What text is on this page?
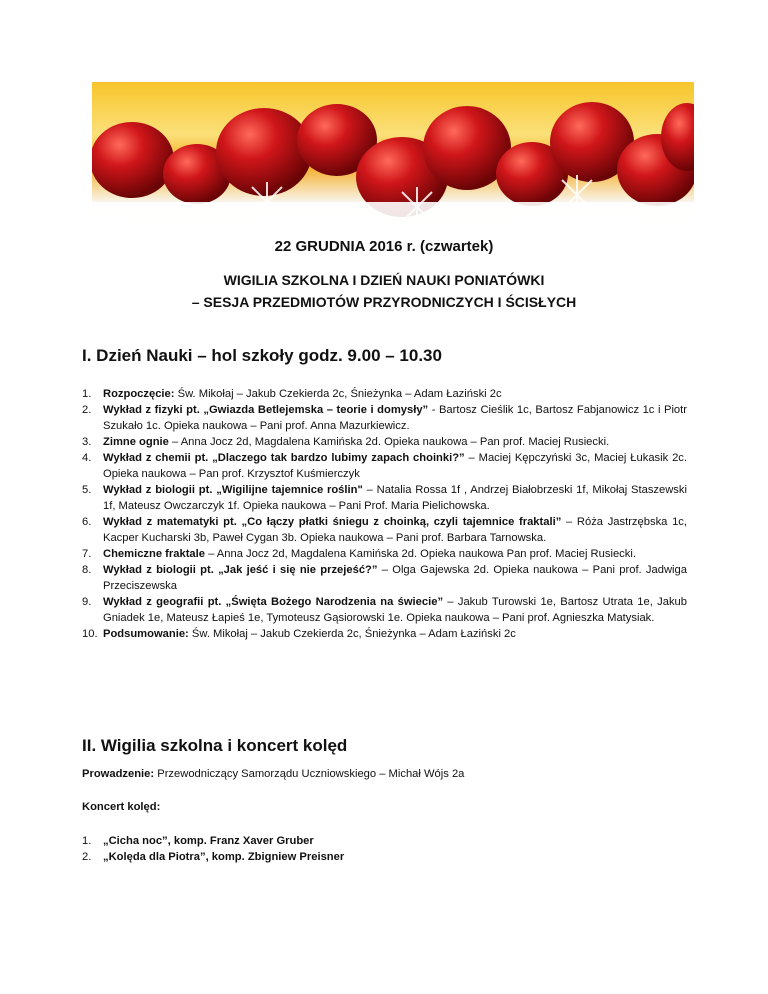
22 GRUDNIA 2016 r. (czwartek)
WIGILIA SZKOLNA I DZIEŃ NAUKI PONIATÓWKI
– SESJA PRZEDMIOTÓW PRZYRODNICZYCH I ŚCISŁYCH
I. Dzień Nauki – hol szkoły godz. 9.00 – 10.30
1. Rozpoczęcie: Św. Mikołaj – Jakub Czekierda 2c, Śnieżynka – Adam Łaziński 2c
2. Wykład z fizyki pt. „Gwiazda Betlejemska – teorie i domysły” - Bartosz Cieślik 1c, Bartosz Fabjanowicz 1c i Piotr Szukało 1c. Opieka naukowa – Pani prof. Anna Mazurkiewicz.
3. Zimne ognie – Anna Jocz 2d, Magdalena Kamińska 2d. Opieka naukowa – Pan prof. Maciej Rusiecki.
4. Wykład z chemii pt. „Dlaczego tak bardzo lubimy zapach choinki?” – Maciej Kępczyński 3c, Maciej Łukasik 2c. Opieka naukowa – Pan prof. Krzysztof Kuśmierczyk
5. Wykład z biologii pt. „Wigilijne tajemnice roślin" – Natalia Rossa 1f , Andrzej Białobrzeski 1f, Mikołaj Staszewski 1f, Mateusz Owczarczyk 1f. Opieka naukowa – Pani Prof. Maria Pielichowska.
6. Wykład z matematyki pt. „Co łączy płatki śniegu z choinką, czyli tajemnice fraktali” – Róża Jastrzębska 1c, Kacper Kucharski 3b, Paweł Cygan 3b. Opieka naukowa – Pani prof. Barbara Tarnowska.
7. Chemiczne fraktale – Anna Jocz 2d, Magdalena Kamińska 2d. Opieka naukowa Pan prof. Maciej Rusiecki.
8. Wykład z biologii pt. „Jak jeść i się nie przejeść?” – Olga Gajewska 2d. Opieka naukowa – Pani prof. Jadwiga Przeciszewska
9. Wykład z geografii pt. „Święta Bożego Narodzenia na świecie” – Jakub Turowski 1e, Bartosz Utrata 1e, Jakub Gniadek 1e, Mateusz Łapieś 1e, Tymoteusz Gąsiorowski 1e. Opieka naukowa – Pani prof. Agnieszka Matysiak.
10. Podsumowanie: Św. Mikołaj – Jakub Czekierda 2c, Śnieżynka – Adam Łaziński 2c
II. Wigilia szkolna i koncert kolęd
Prowadzenie: Przewodniczący Samorządu Uczniowskiego – Michał Wójs 2a
Koncert kolęd:
1. „Cicha noc”, komp. Franz Xaver Gruber
2. „Kolęda dla Piotra”, komp. Zbigniew Preisner
